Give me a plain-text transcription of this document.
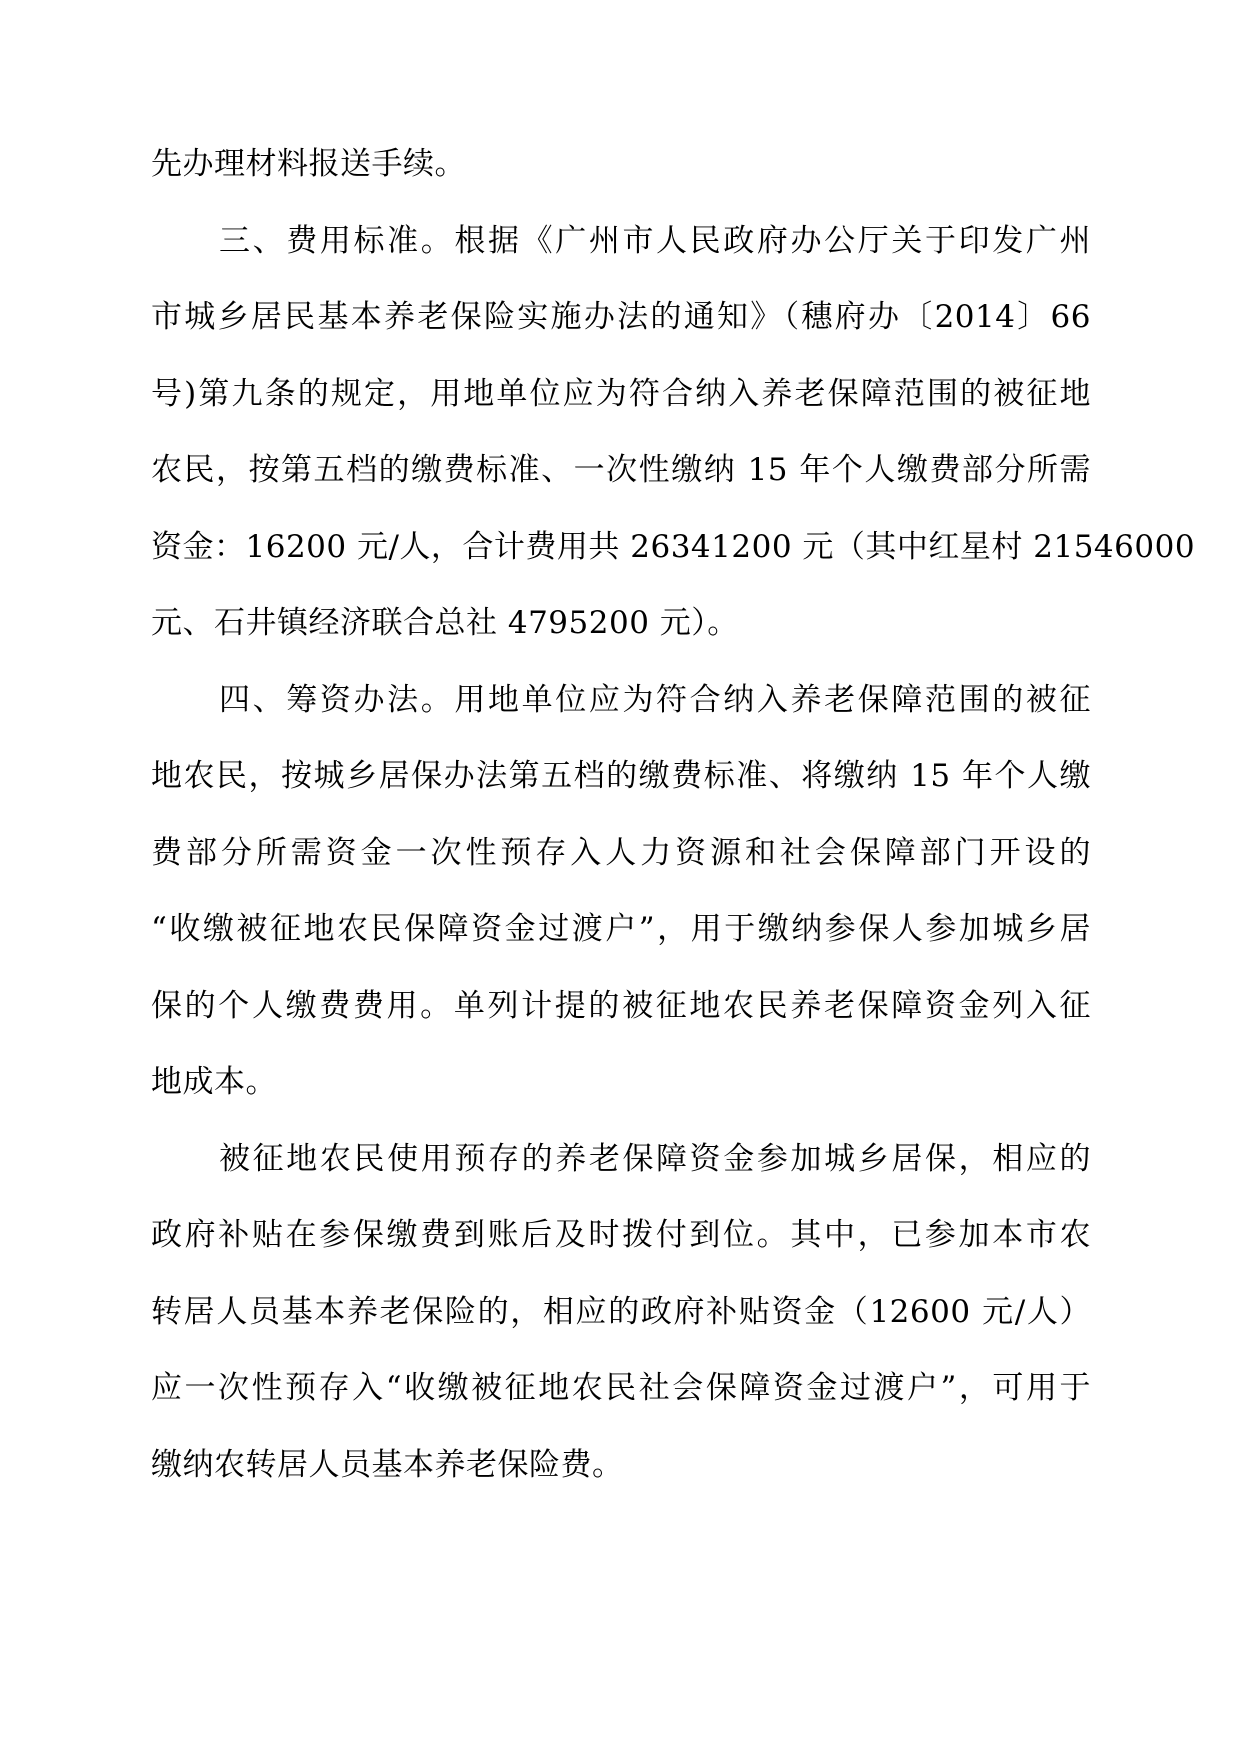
先办理材料报送手续。
三、费用标准。根据《广州市人民政府办公厅关于印发广州
市城乡居民基本养老保险实施办法的通知》（穗府办〔2014〕66
号)第九条的规定，用地单位应为符合纳入养老保障范围的被征地
农民，按第五档的缴费标准、一次性缴纳 15 年个人缴费部分所需
资金：16200 元/人，合计费用共 26341200 元（其中红星村 21546000
元、石井镇经济联合总社 4795200 元）。
四、筹资办法。用地单位应为符合纳入养老保障范围的被征
地农民，按城乡居保办法第五档的缴费标准、将缴纳 15 年个人缴
费部分所需资金一次性预存入人力资源和社会保障部门开设的
“收缴被征地农民保障资金过渡户”，用于缴纳参保人参加城乡居
保的个人缴费费用。单列计提的被征地农民养老保障资金列入征
地成本。
被征地农民使用预存的养老保障资金参加城乡居保，相应的
政府补贴在参保缴费到账后及时拨付到位。其中，已参加本市农
转居人员基本养老保险的，相应的政府补贴资金（12600 元/人）
应一次性预存入“收缴被征地农民社会保障资金过渡户”，可用于
缴纳农转居人员基本养老保险费。
